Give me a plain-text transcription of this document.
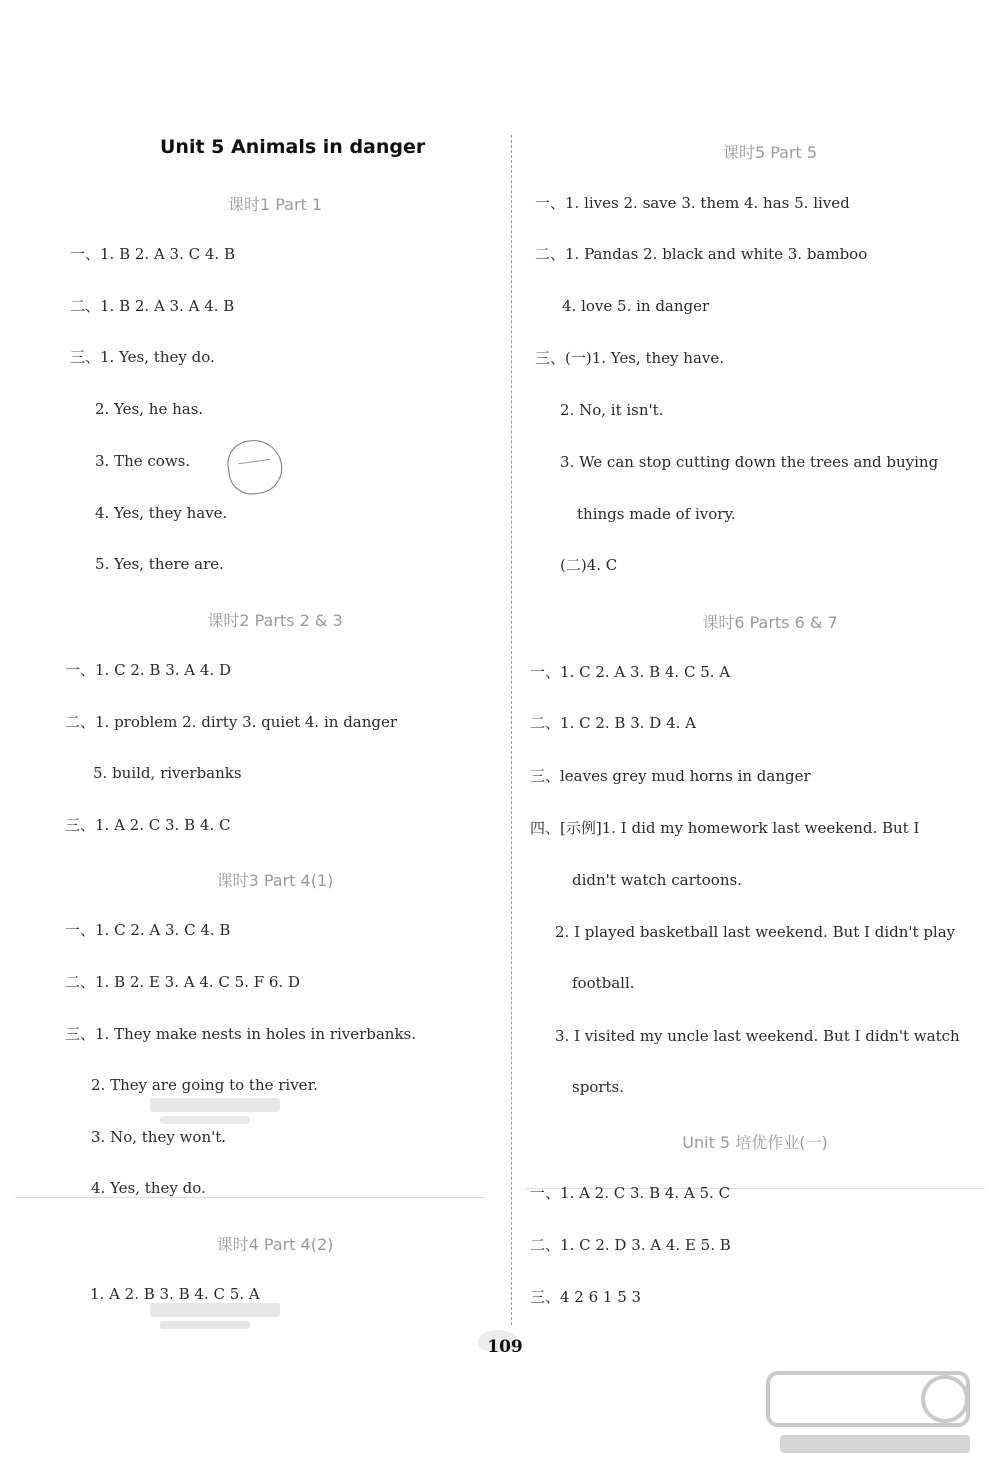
Unit 5 Animals in danger
课时1 Part 1
一、1. B 2. A 3. C 4. B
二、1. B 2. A 3. A 4. B
三、1. Yes, they do.
2. Yes, he has.
3. The cows.
4. Yes, they have.
5. Yes, there are.
课时2 Parts 2 & 3
一、1. C 2. B 3. A 4. D
二、1. problem 2. dirty 3. quiet 4. in danger
5. build, riverbanks
三、1. A 2. C 3. B 4. C
课时3 Part 4(1)
一、1. C 2. A 3. C 4. B
二、1. B 2. E 3. A 4. C 5. F 6. D
三、1. They make nests in holes in riverbanks.
2. They are going to the river.
3. No, they won't.
4. Yes, they do.
课时4 Part 4(2)
1. A 2. B 3. B 4. C 5. A
课时5 Part 5
一、1. lives 2. save 3. them 4. has 5. lived
二、1. Pandas 2. black and white 3. bamboo
4. love 5. in danger
三、(一)1. Yes, they have.
2. No, it isn't.
3. We can stop cutting down the trees and buying
things made of ivory.
(二)4. C
课时6 Parts 6 & 7
一、1. C 2. A 3. B 4. C 5. A
二、1. C 2. B 3. D 4. A
三、leaves grey mud horns in danger
四、[示例]1. I did my homework last weekend. But I
didn't watch cartoons.
2. I played basketball last weekend. But I didn't play
football.
3. I visited my uncle last weekend. But I didn't watch
sports.
Unit 5 培优作业(一)
一、1. A 2. C 3. B 4. A 5. C
二、1. C 2. D 3. A 4. E 5. B
三、4 2 6 1 5 3
109
